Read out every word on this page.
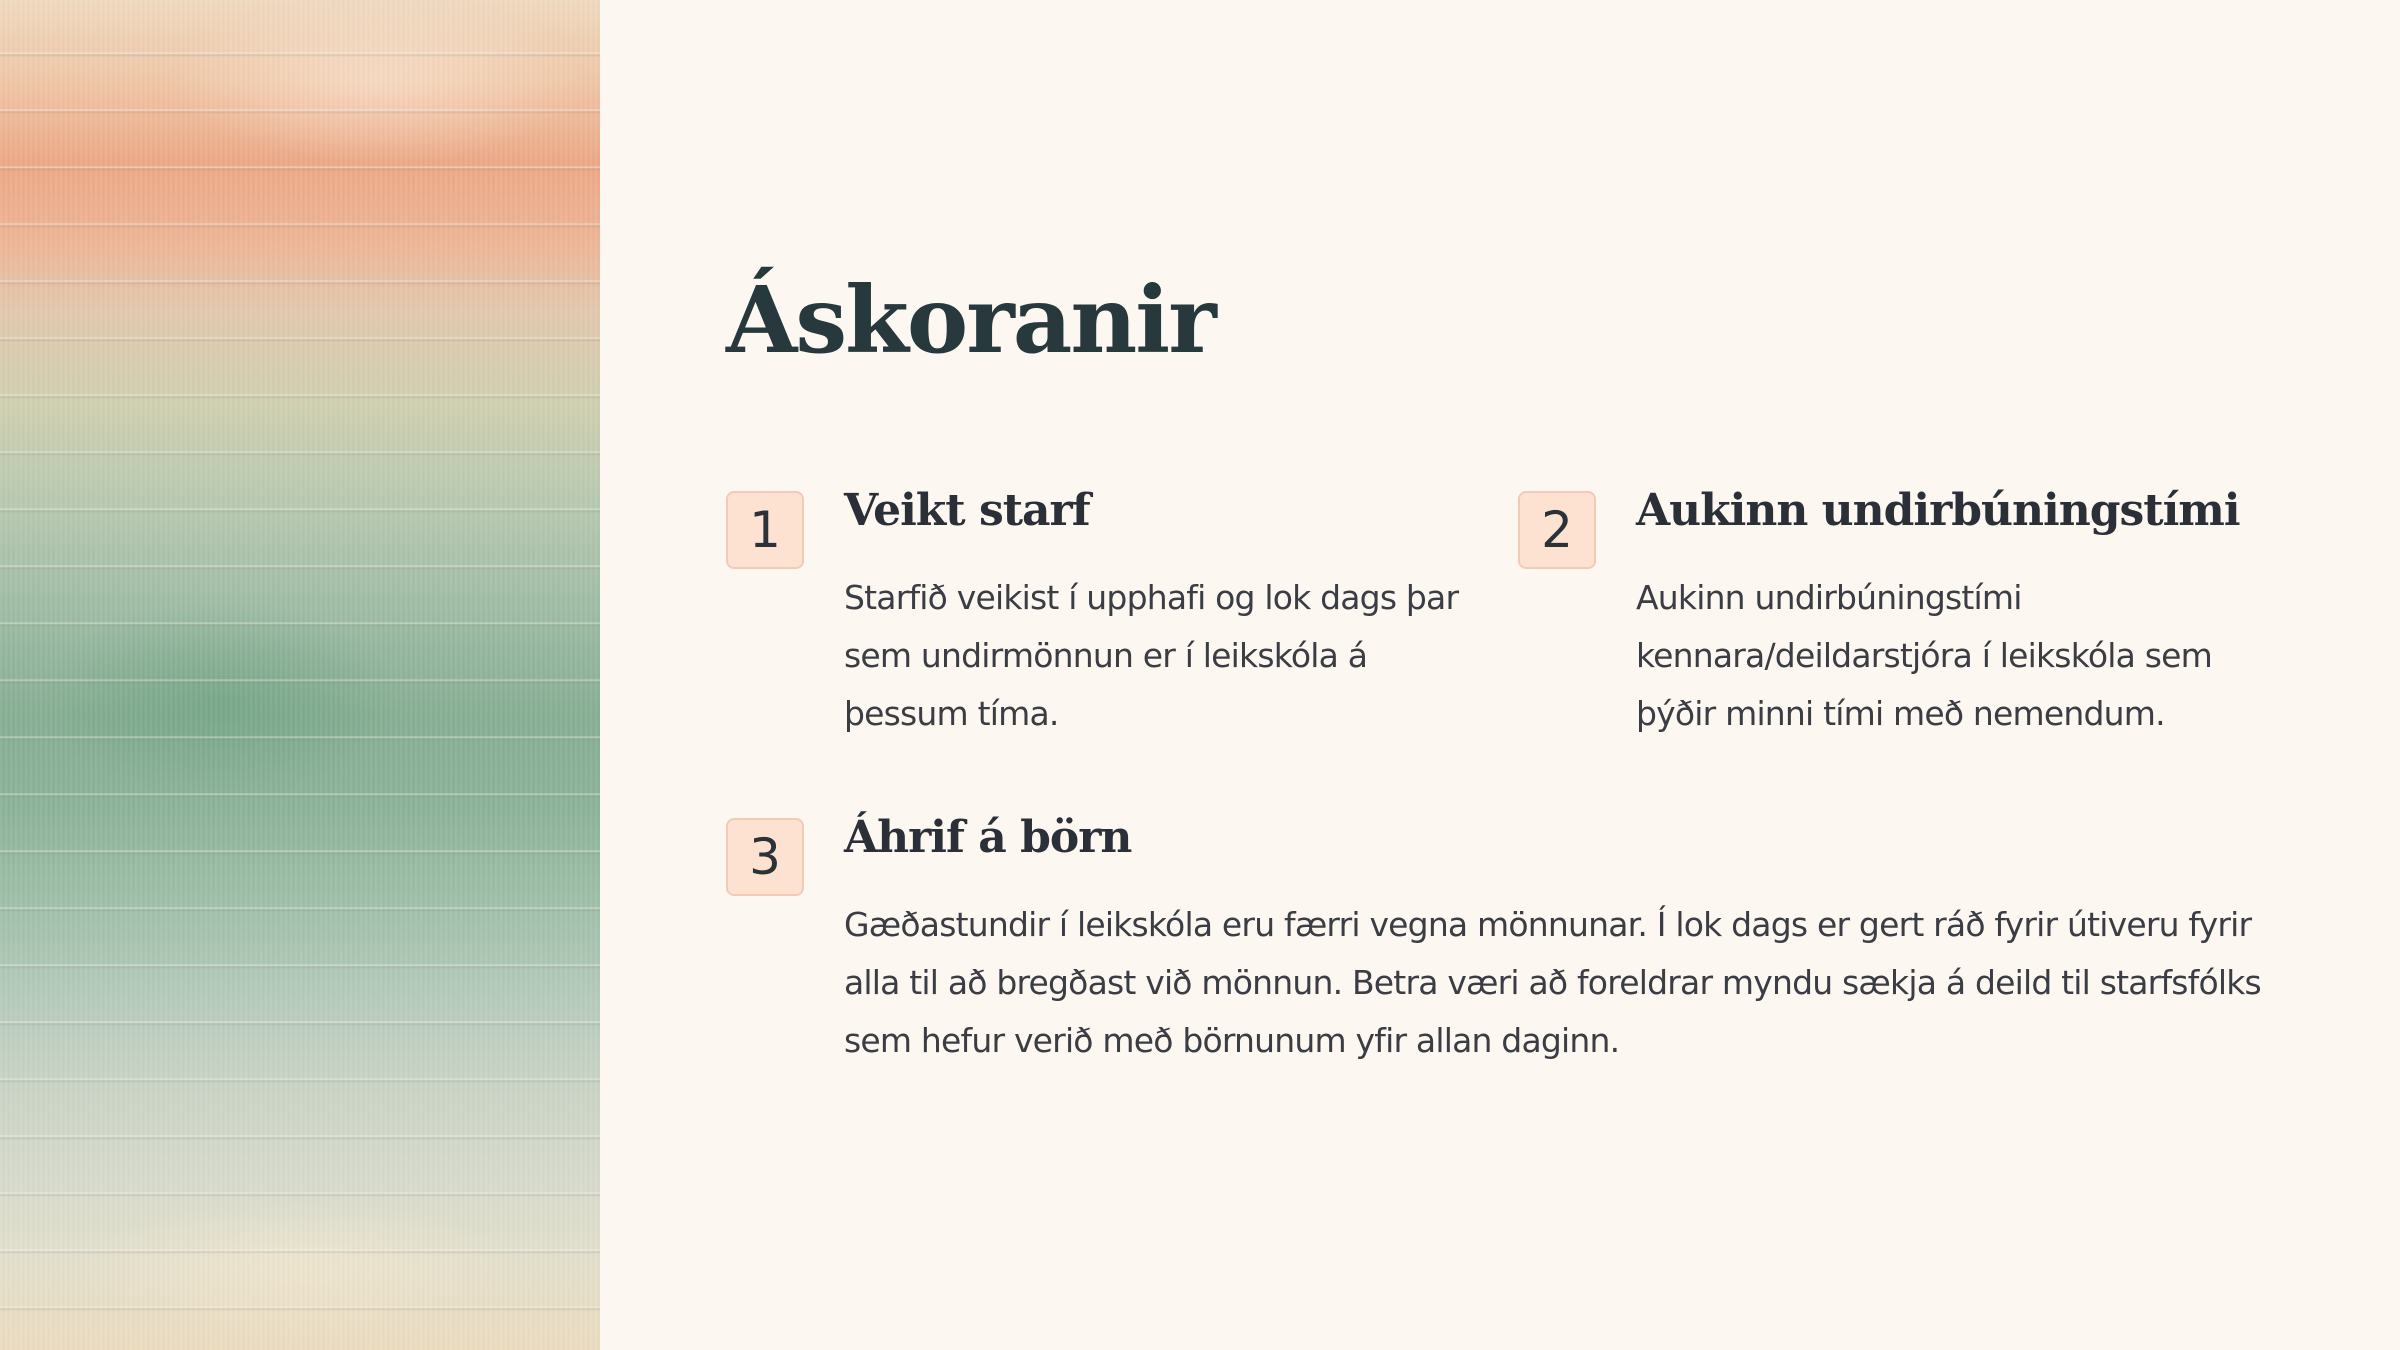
Áskoranir
1	Veikt starf

Starfið veikist í upphafi og lok dags þar sem undirmönnun er í leikskóla á þessum tíma.

2	Aukinn undirbúningstími

Aukinn undirbúningstími kennara/deildarstjóra í leikskóla sem þýðir minni tími með nemendum.

3	Áhrif á börn

Gæðastundir í leikskóla eru færri vegna mönnunar. Í lok dags er gert ráð fyrir útiveru fyrir alla til að bregðast við mönnun. Betra væri að foreldrar myndu sækja á deild til starfsfólks sem hefur verið með börnunum yfir allan daginn.
